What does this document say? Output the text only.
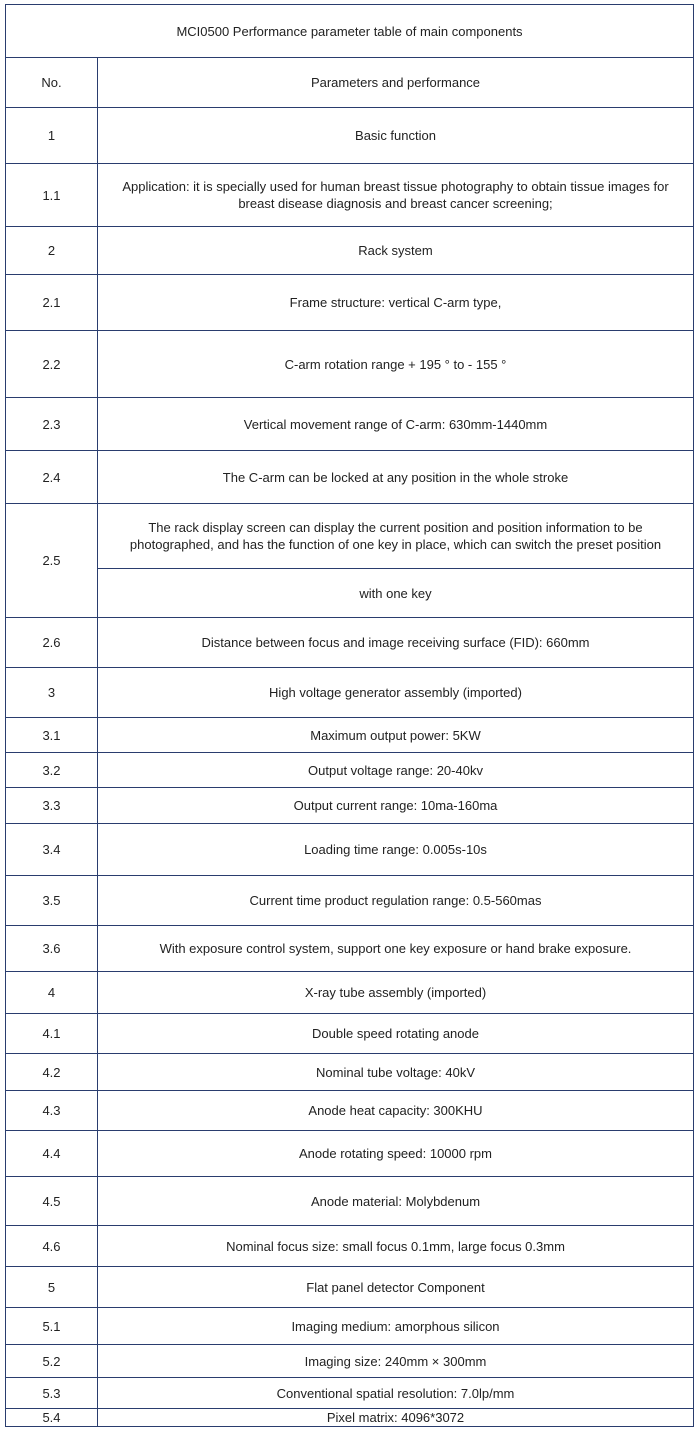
MCI0500 Performance parameter table of main components	
No.	Parameters and performance
1	Basic function
1.1	Application: it is specially used for human breast tissue photography to obtain tissue images for breast disease diagnosis and breast cancer screening;
2	Rack system
2.1	Frame structure: vertical C-arm type,
2.2	C-arm rotation range + 195 ° to - 155 °
2.3	Vertical movement range of C-arm: 630mm-1440mm
2.4	The C-arm can be locked at any position in the whole stroke
2.5	The rack display screen can display the current position and position information to be photographed, and has the function of one key in place, which can switch the preset position
	with one key
2.6	Distance between focus and image receiving surface (FID): 660mm
3	High voltage generator assembly (imported)
3.1	Maximum output power: 5KW
3.2	Output voltage range: 20-40kv
3.3	Output current range: 10ma-160ma
3.4	Loading time range: 0.005s-10s
3.5	Current time product regulation range: 0.5-560mas
3.6	With exposure control system, support one key exposure or hand brake exposure.
4	X-ray tube assembly (imported)
4.1	Double speed rotating anode
4.2	Nominal tube voltage: 40kV
4.3	Anode heat capacity: 300KHU
4.4	Anode rotating speed: 10000 rpm
4.5	Anode material: Molybdenum
4.6	Nominal focus size: small focus 0.1mm, large focus 0.3mm
5	Flat panel detector Component
5.1	Imaging medium: amorphous silicon
5.2	Imaging size: 240mm × 300mm
5.3	Conventional spatial resolution: 7.0lp/mm
5.4	Pixel matrix: 4096*3072
